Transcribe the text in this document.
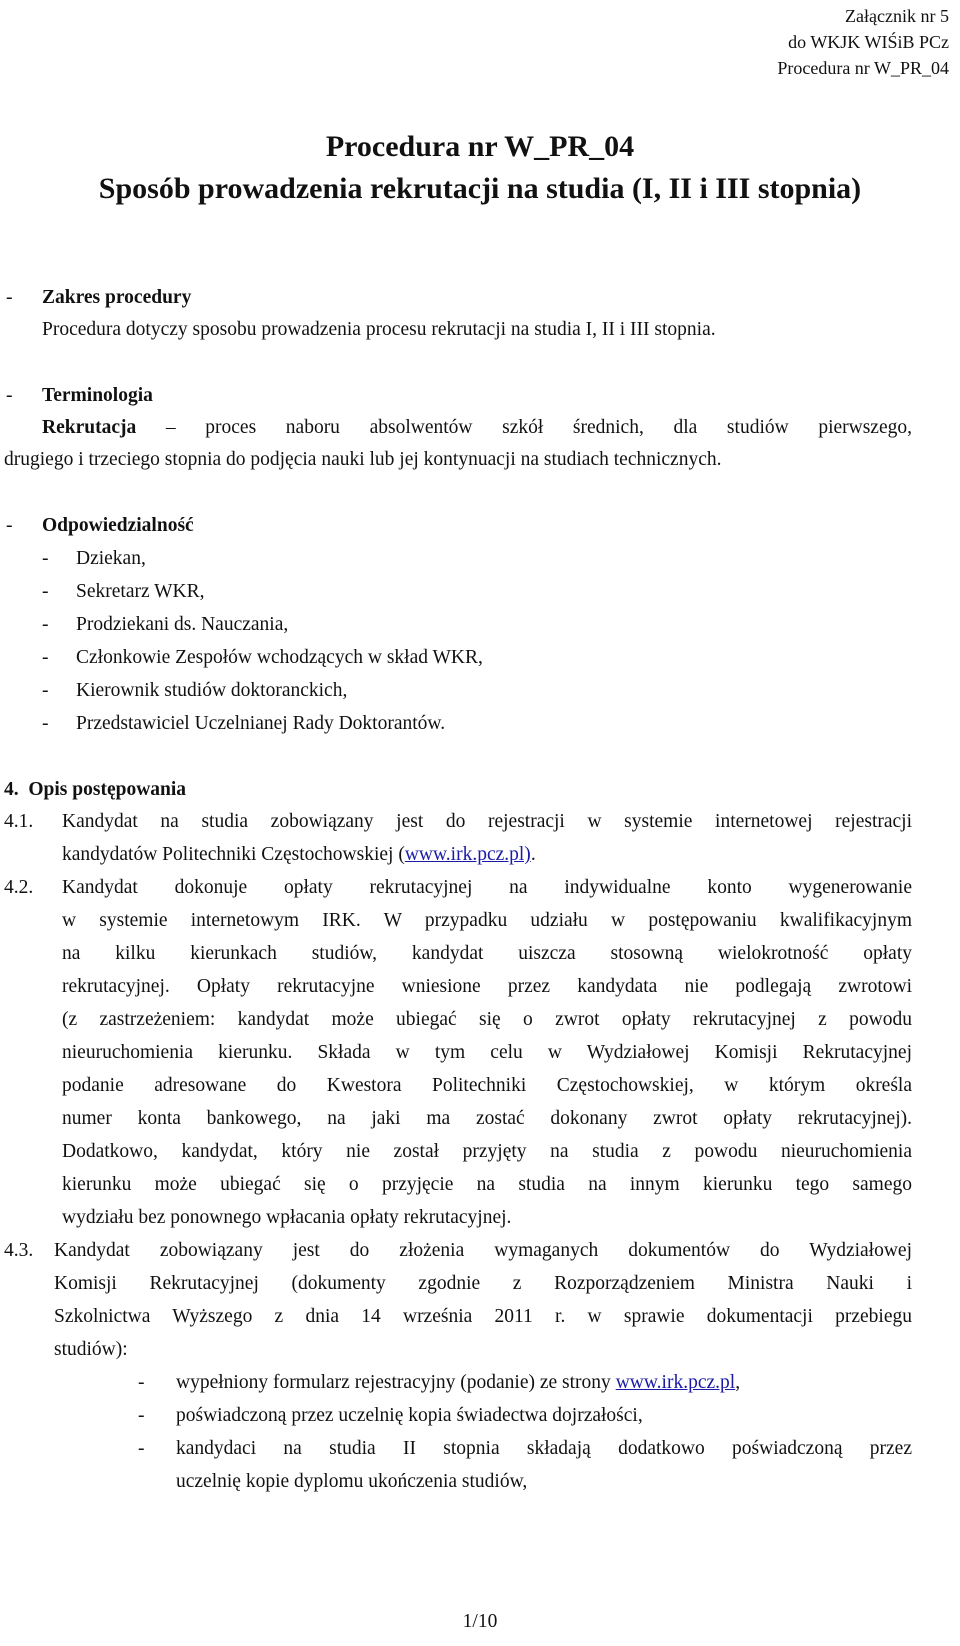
Załącznik nr 5
do WKJK WIŚiB PCz
Procedura nr W_PR_04
Procedura nr W_PR_04
Sposób prowadzenia rekrutacji na studia (I, II i III stopnia)
- Zakres procedury
Procedura dotyczy sposobu prowadzenia procesu rekrutacji na studia I, II i III stopnia.
- Terminologia
Rekrutacja – proces naboru absolwentów szkół średnich, dla studiów pierwszego,
drugiego i trzeciego stopnia do podjęcia nauki lub jej kontynuacji na studiach technicznych.
- Odpowiedzialność
- Dziekan,
- Sekretarz WKR,
- Prodziekani ds. Nauczania,
- Członkowie Zespołów wchodzących w skład WKR,
- Kierownik studiów doktoranckich,
- Przedstawiciel Uczelnianej Rady Doktorantów.
4.  Opis postępowania
4.1. Kandydat na studia zobowiązany jest do rejestracji w systemie internetowej rejestracji
kandydatów Politechniki Częstochowskiej (www.irk.pcz.pl).
4.2. Kandydat dokonuje opłaty rekrutacyjnej na indywidualne konto wygenerowanie
w systemie internetowym IRK. W przypadku udziału w postępowaniu kwalifikacyjnym
na kilku kierunkach studiów, kandydat uiszcza stosowną wielokrotność opłaty
rekrutacyjnej. Opłaty rekrutacyjne wniesione przez kandydata nie podlegają zwrotowi
(z zastrzeżeniem: kandydat może ubiegać się o zwrot opłaty rekrutacyjnej z powodu
nieuruchomienia kierunku. Składa w tym celu w Wydziałowej Komisji Rekrutacyjnej
podanie adresowane do Kwestora Politechniki Częstochowskiej, w którym określa
numer konta bankowego, na jaki ma zostać dokonany zwrot opłaty rekrutacyjnej).
Dodatkowo, kandydat, który nie został przyjęty na studia z powodu nieuruchomienia
kierunku może ubiegać się o przyjęcie na studia na innym kierunku tego samego
wydziału bez ponownego wpłacania opłaty rekrutacyjnej.
4.3. Kandydat zobowiązany jest do złożenia wymaganych dokumentów do Wydziałowej
Komisji Rekrutacyjnej (dokumenty zgodnie z Rozporządzeniem Ministra Nauki i
Szkolnictwa Wyższego z dnia 14 września 2011 r. w sprawie dokumentacji przebiegu
studiów):
- wypełniony formularz rejestracyjny (podanie) ze strony www.irk.pcz.pl,
- poświadczoną przez uczelnię kopia świadectwa dojrzałości,
- kandydaci na studia II stopnia składają dodatkowo poświadczoną przez
uczelnię kopie dyplomu ukończenia studiów,
1/10
